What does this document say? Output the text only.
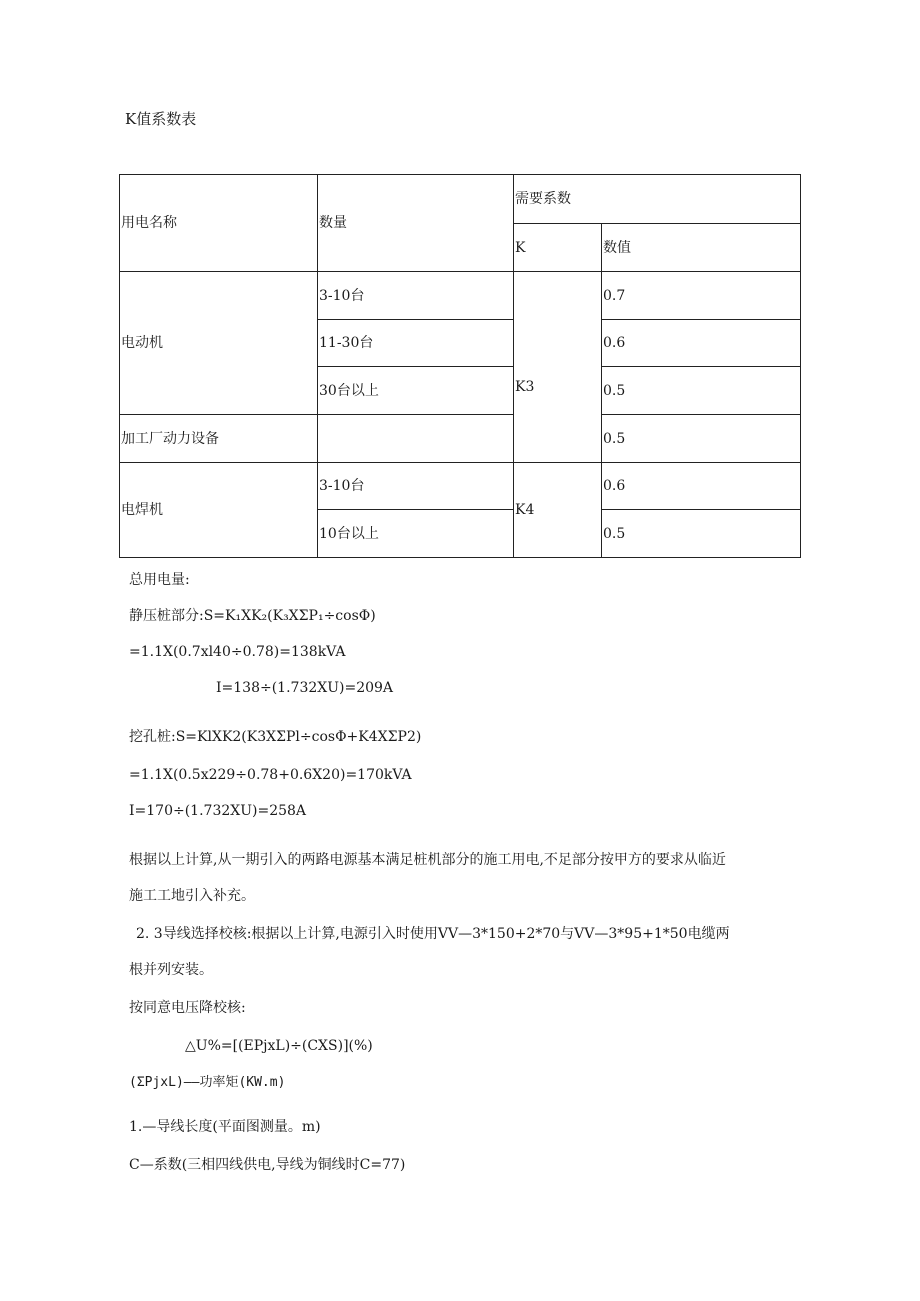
K值系数表
用电名称	数量	需要系数	
		K	数值
电动机	3-10台	K3	0.7
	11-30台		0.6
	30台以上		0.5
加工厂动力设备			0.5
电焊机	3-10台	K4	0.6
	10台以上		0.5
总用电量:
静压桩部分:S=K₁XK₂(K₃XΣP₁÷cosΦ)
=1.1X(0.7xl40÷0.78)=138kVA
I=138÷(1.732XU)=209A
挖孔桩:S=KlXK2(K3XΣPl÷cosΦ+K4XΣP2)
=1.1X(0.5x229÷0.78+0.6X20)=170kVA
I=170÷(1.732XU)=258A
根据以上计算,从一期引入的两路电源基本满足桩机部分的施工用电,不足部分按甲方的要求从临近
施工工地引入补充。
2. 3导线选择校核:根据以上计算,电源引入时使用VV—3*150+2*70与VV—3*95+1*50电缆两
根并列安装。
按同意电压降校核:
△U%=[(EPjxL)÷(CXS)](%)
(ΣPjxL)——功率矩(KW.m)
1.—导线长度(平面图测量。m)
C—系数(三相四线供电,导线为铜线时C=77)
